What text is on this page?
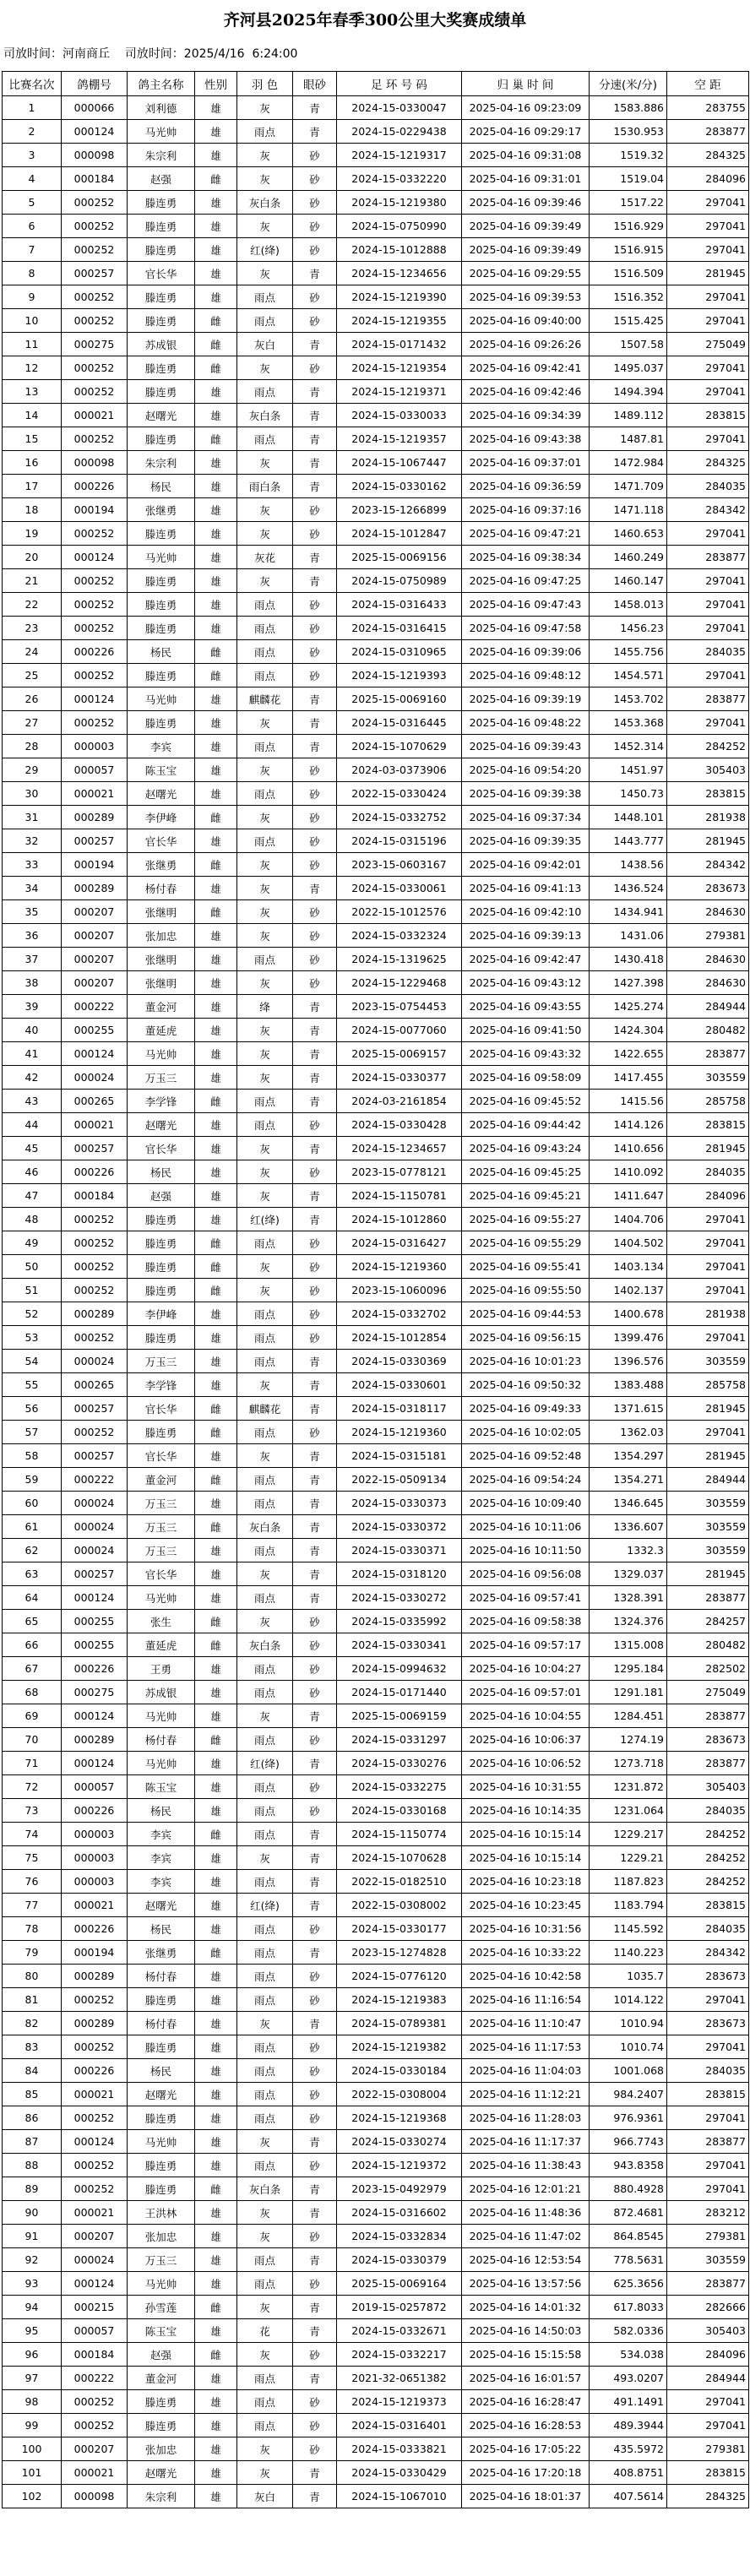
齐河县2025年春季300公里大奖赛成绩单
司放时间：河南商丘    司放时间：2025/4/16  6:24:00
比赛名次	鸽棚号	鸽主名称	性别	羽 色	眼砂	足 环 号 码	归 巢 时 间	分速(米/分)	空 距
1	000066	刘利德	雄	灰	青	2024-15-0330047	2025-04-16 09:23:09	1583.886	283755
2	000124	马光帅	雄	雨点	青	2024-15-0229438	2025-04-16 09:29:17	1530.953	283877
3	000098	朱宗利	雄	灰	砂	2024-15-1219317	2025-04-16 09:31:08	1519.32	284325
4	000184	赵强	雌	灰	砂	2024-15-0332220	2025-04-16 09:31:01	1519.04	284096
5	000252	滕连勇	雄	灰白条	砂	2024-15-1219380	2025-04-16 09:39:46	1517.22	297041
6	000252	滕连勇	雄	灰	砂	2024-15-0750990	2025-04-16 09:39:49	1516.929	297041
7	000252	滕连勇	雄	红(绛)	砂	2024-15-1012888	2025-04-16 09:39:49	1516.915	297041
8	000257	官长华	雄	灰	青	2024-15-1234656	2025-04-16 09:29:55	1516.509	281945
9	000252	滕连勇	雄	雨点	砂	2024-15-1219390	2025-04-16 09:39:53	1516.352	297041
10	000252	滕连勇	雌	雨点	砂	2024-15-1219355	2025-04-16 09:40:00	1515.425	297041
11	000275	苏成银	雌	灰白	青	2024-15-0171432	2025-04-16 09:26:26	1507.58	275049
12	000252	滕连勇	雌	灰	砂	2024-15-1219354	2025-04-16 09:42:41	1495.037	297041
13	000252	滕连勇	雄	雨点	青	2024-15-1219371	2025-04-16 09:42:46	1494.394	297041
14	000021	赵曙光	雄	灰白条	青	2024-15-0330033	2025-04-16 09:34:39	1489.112	283815
15	000252	滕连勇	雌	雨点	青	2024-15-1219357	2025-04-16 09:43:38	1487.81	297041
16	000098	朱宗利	雄	灰	青	2024-15-1067447	2025-04-16 09:37:01	1472.984	284325
17	000226	杨民	雄	雨白条	青	2024-15-0330162	2025-04-16 09:36:59	1471.709	284035
18	000194	张继勇	雄	灰	砂	2023-15-1266899	2025-04-16 09:37:16	1471.118	284342
19	000252	滕连勇	雄	灰	砂	2024-15-1012847	2025-04-16 09:47:21	1460.653	297041
20	000124	马光帅	雄	灰花	青	2025-15-0069156	2025-04-16 09:38:34	1460.249	283877
21	000252	滕连勇	雄	灰	青	2024-15-0750989	2025-04-16 09:47:25	1460.147	297041
22	000252	滕连勇	雄	雨点	砂	2024-15-0316433	2025-04-16 09:47:43	1458.013	297041
23	000252	滕连勇	雄	雨点	砂	2024-15-0316415	2025-04-16 09:47:58	1456.23	297041
24	000226	杨民	雌	雨点	砂	2024-15-0310965	2025-04-16 09:39:06	1455.756	284035
25	000252	滕连勇	雌	雨点	砂	2024-15-1219393	2025-04-16 09:48:12	1454.571	297041
26	000124	马光帅	雄	麒麟花	青	2025-15-0069160	2025-04-16 09:39:19	1453.702	283877
27	000252	滕连勇	雄	灰	青	2024-15-0316445	2025-04-16 09:48:22	1453.368	297041
28	000003	李宾	雄	雨点	青	2024-15-1070629	2025-04-16 09:39:43	1452.314	284252
29	000057	陈玉宝	雄	灰	砂	2024-03-0373906	2025-04-16 09:54:20	1451.97	305403
30	000021	赵曙光	雄	雨点	砂	2022-15-0330424	2025-04-16 09:39:38	1450.73	283815
31	000289	李伊峰	雌	灰	砂	2024-15-0332752	2025-04-16 09:37:34	1448.101	281938
32	000257	官长华	雄	雨点	砂	2024-15-0315196	2025-04-16 09:39:35	1443.777	281945
33	000194	张继勇	雌	灰	砂	2023-15-0603167	2025-04-16 09:42:01	1438.56	284342
34	000289	杨付春	雄	灰	青	2024-15-0330061	2025-04-16 09:41:13	1436.524	283673
35	000207	张继明	雌	灰	砂	2022-15-1012576	2025-04-16 09:42:10	1434.941	284630
36	000207	张加忠	雄	灰	砂	2024-15-0332324	2025-04-16 09:39:13	1431.06	279381
37	000207	张继明	雄	雨点	砂	2024-15-1319625	2025-04-16 09:42:47	1430.418	284630
38	000207	张继明	雄	灰	砂	2024-15-1229468	2025-04-16 09:43:12	1427.398	284630
39	000222	董金河	雄	绛	青	2023-15-0754453	2025-04-16 09:43:55	1425.274	284944
40	000255	董延虎	雄	灰	青	2024-15-0077060	2025-04-16 09:41:50	1424.304	280482
41	000124	马光帅	雄	灰	青	2025-15-0069157	2025-04-16 09:43:32	1422.655	283877
42	000024	万玉三	雄	灰	青	2024-15-0330377	2025-04-16 09:58:09	1417.455	303559
43	000265	李学锋	雌	雨点	青	2024-03-2161854	2025-04-16 09:45:52	1415.56	285758
44	000021	赵曙光	雄	雨点	砂	2024-15-0330428	2025-04-16 09:44:42	1414.126	283815
45	000257	官长华	雄	灰	青	2024-15-1234657	2025-04-16 09:43:24	1410.656	281945
46	000226	杨民	雄	灰	砂	2023-15-0778121	2025-04-16 09:45:25	1410.092	284035
47	000184	赵强	雄	灰	青	2024-15-1150781	2025-04-16 09:45:21	1411.647	284096
48	000252	滕连勇	雄	红(绛)	青	2024-15-1012860	2025-04-16 09:55:27	1404.706	297041
49	000252	滕连勇	雌	雨点	砂	2024-15-0316427	2025-04-16 09:55:29	1404.502	297041
50	000252	滕连勇	雌	灰	砂	2024-15-1219360	2025-04-16 09:55:41	1403.134	297041
51	000252	滕连勇	雌	灰	砂	2023-15-1060096	2025-04-16 09:55:50	1402.137	297041
52	000289	李伊峰	雄	雨点	砂	2024-15-0332702	2025-04-16 09:44:53	1400.678	281938
53	000252	滕连勇	雄	雨点	砂	2024-15-1012854	2025-04-16 09:56:15	1399.476	297041
54	000024	万玉三	雄	雨点	青	2024-15-0330369	2025-04-16 10:01:23	1396.576	303559
55	000265	李学锋	雄	灰	青	2024-15-0330601	2025-04-16 09:50:32	1383.488	285758
56	000257	官长华	雌	麒麟花	青	2024-15-0318117	2025-04-16 09:49:33	1371.615	281945
57	000252	滕连勇	雌	雨点	砂	2024-15-1219360	2025-04-16 10:02:05	1362.03	297041
58	000257	官长华	雄	灰	青	2024-15-0315181	2025-04-16 09:52:48	1354.297	281945
59	000222	董金河	雌	雨点	青	2022-15-0509134	2025-04-16 09:54:24	1354.271	284944
60	000024	万玉三	雄	雨点	青	2024-15-0330373	2025-04-16 10:09:40	1346.645	303559
61	000024	万玉三	雌	灰白条	青	2024-15-0330372	2025-04-16 10:11:06	1336.607	303559
62	000024	万玉三	雄	雨点	青	2024-15-0330371	2025-04-16 10:11:50	1332.3	303559
63	000257	官长华	雄	灰	青	2024-15-0318120	2025-04-16 09:56:08	1329.037	281945
64	000124	马光帅	雄	雨点	青	2024-15-0330272	2025-04-16 09:57:41	1328.391	283877
65	000255	张生	雌	灰	砂	2024-15-0335992	2025-04-16 09:58:38	1324.376	284257
66	000255	董延虎	雌	灰白条	砂	2024-15-0330341	2025-04-16 09:57:17	1315.008	280482
67	000226	王勇	雄	雨点	砂	2024-15-0994632	2025-04-16 10:04:27	1295.184	282502
68	000275	苏成银	雄	雨点	砂	2024-15-0171440	2025-04-16 09:57:01	1291.181	275049
69	000124	马光帅	雄	灰	青	2025-15-0069159	2025-04-16 10:04:55	1284.451	283877
70	000289	杨付春	雌	雨点	砂	2024-15-0331297	2025-04-16 10:06:37	1274.19	283673
71	000124	马光帅	雄	红(绛)	青	2024-15-0330276	2025-04-16 10:06:52	1273.718	283877
72	000057	陈玉宝	雄	雨点	砂	2024-15-0332275	2025-04-16 10:31:55	1231.872	305403
73	000226	杨民	雄	雨点	砂	2024-15-0330168	2025-04-16 10:14:35	1231.064	284035
74	000003	李宾	雌	雨点	青	2024-15-1150774	2025-04-16 10:15:14	1229.217	284252
75	000003	李宾	雄	灰	青	2024-15-1070628	2025-04-16 10:15:14	1229.21	284252
76	000003	李宾	雄	雨点	青	2022-15-0182510	2025-04-16 10:23:18	1187.823	284252
77	000021	赵曙光	雄	红(绛)	青	2022-15-0308002	2025-04-16 10:23:45	1183.794	283815
78	000226	杨民	雄	雨点	砂	2024-15-0330177	2025-04-16 10:31:56	1145.592	284035
79	000194	张继勇	雌	雨点	青	2023-15-1274828	2025-04-16 10:33:22	1140.223	284342
80	000289	杨付春	雄	雨点	砂	2024-15-0776120	2025-04-16 10:42:58	1035.7	283673
81	000252	滕连勇	雄	雨点	砂	2024-15-1219383	2025-04-16 11:16:54	1014.122	297041
82	000289	杨付春	雄	灰	青	2024-15-0789381	2025-04-16 11:10:47	1010.94	283673
83	000252	滕连勇	雄	雨点	砂	2024-15-1219382	2025-04-16 11:17:53	1010.74	297041
84	000226	杨民	雄	雨点	砂	2024-15-0330184	2025-04-16 11:04:03	1001.068	284035
85	000021	赵曙光	雄	雨点	砂	2022-15-0308004	2025-04-16 11:12:21	984.2407	283815
86	000252	滕连勇	雄	雨点	砂	2024-15-1219368	2025-04-16 11:28:03	976.9361	297041
87	000124	马光帅	雄	灰	青	2024-15-0330274	2025-04-16 11:17:37	966.7743	283877
88	000252	滕连勇	雄	雨点	砂	2024-15-1219372	2025-04-16 11:38:43	943.8358	297041
89	000252	滕连勇	雌	灰白条	青	2023-15-0492979	2025-04-16 12:01:21	880.4928	297041
90	000021	王洪林	雄	灰	青	2024-15-0316602	2025-04-16 11:48:36	872.4681	283212
91	000207	张加忠	雄	灰	砂	2024-15-0332834	2025-04-16 11:47:02	864.8545	279381
92	000024	万玉三	雄	雨点	青	2024-15-0330379	2025-04-16 12:53:54	778.5631	303559
93	000124	马光帅	雄	雨点	砂	2025-15-0069164	2025-04-16 13:57:56	625.3656	283877
94	000215	孙雪莲	雌	灰	青	2019-15-0257872	2025-04-16 14:01:32	617.8033	282666
95	000057	陈玉宝	雄	花	青	2024-15-0332671	2025-04-16 14:50:03	582.0336	305403
96	000184	赵强	雌	灰	砂	2024-15-0332217	2025-04-16 15:15:58	534.038	284096
97	000222	董金河	雄	雨点	青	2021-32-0651382	2025-04-16 16:01:57	493.0207	284944
98	000252	滕连勇	雄	雨点	砂	2024-15-1219373	2025-04-16 16:28:47	491.1491	297041
99	000252	滕连勇	雄	雨点	砂	2024-15-0316401	2025-04-16 16:28:53	489.3944	297041
100	000207	张加忠	雄	灰	砂	2024-15-0333821	2025-04-16 17:05:22	435.5972	279381
101	000021	赵曙光	雄	灰	青	2024-15-0330429	2025-04-16 17:20:18	408.8751	283815
102	000098	朱宗利	雄	灰白	青	2024-15-1067010	2025-04-16 18:01:37	407.5614	284325
